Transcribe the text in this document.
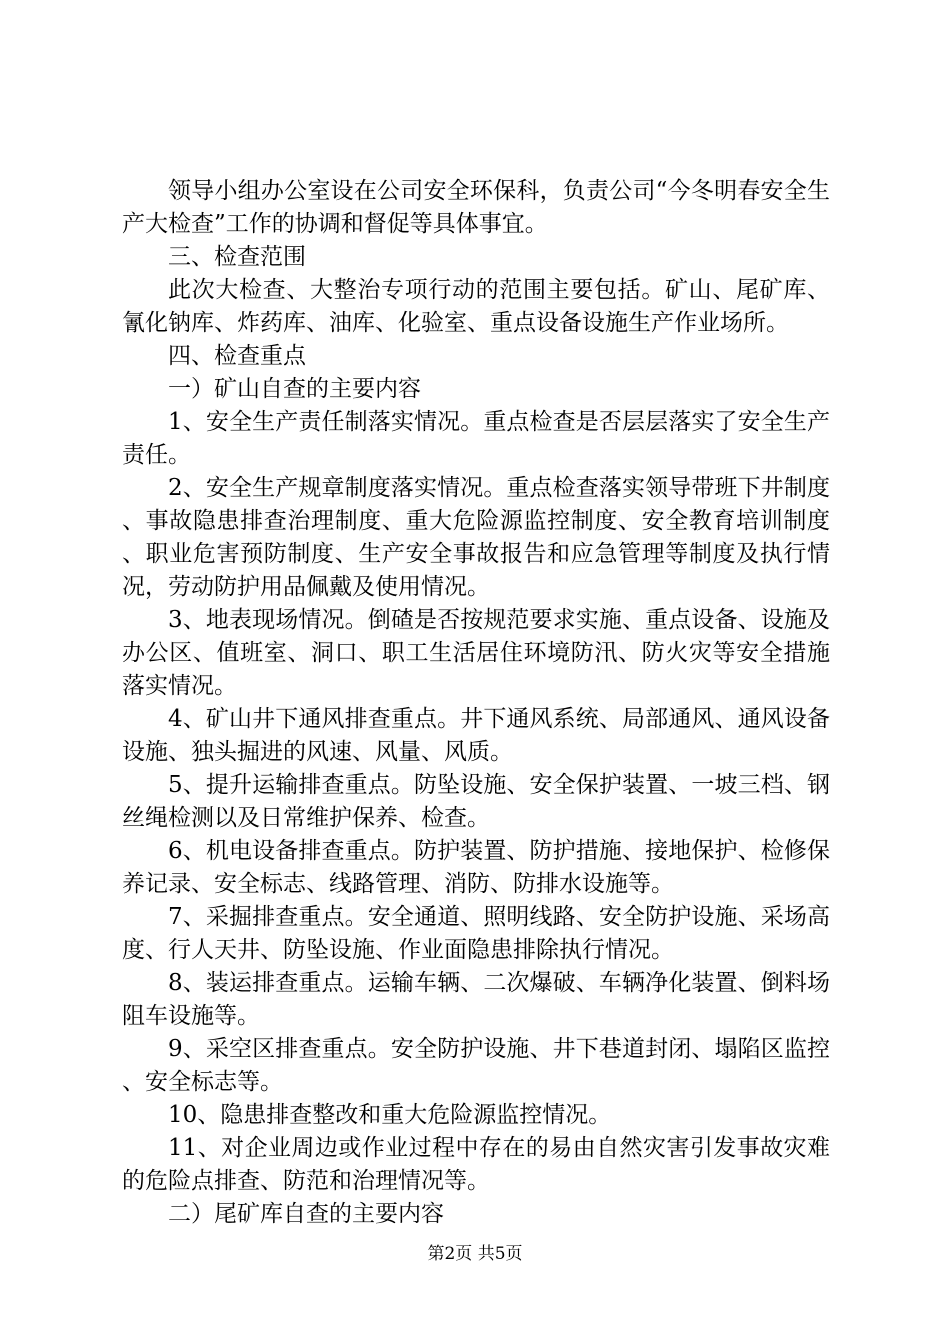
领导小组办公室设在公司安全环保科，负责公司“今冬明春安全生产大检查”工作的协调和督促等具体事宜。

三、检查范围

此次大检查、大整治专项行动的范围主要包括。矿山、尾矿库、氰化钠库、炸药库、油库、化验室、重点设备设施生产作业场所。

四、检查重点

一）矿山自查的主要内容

1、安全生产责任制落实情况。重点检查是否层层落实了安全生产责任。

2、安全生产规章制度落实情况。重点检查落实领导带班下井制度、事故隐患排查治理制度、重大危险源监控制度、安全教育培训制度、职业危害预防制度、生产安全事故报告和应急管理等制度及执行情况，劳动防护用品佩戴及使用情况。

3、地表现场情况。倒碴是否按规范要求实施、重点设备、设施及办公区、值班室、洞口、职工生活居住环境防汛、防火灾等安全措施落实情况。

4、矿山井下通风排查重点。井下通风系统、局部通风、通风设备设施、独头掘进的风速、风量、风质。

5、提升运输排查重点。防坠设施、安全保护装置、一坡三档、钢丝绳检测以及日常维护保养、检查。

6、机电设备排查重点。防护装置、防护措施、接地保护、检修保养记录、安全标志、线路管理、消防、防排水设施等。

7、采掘排查重点。安全通道、照明线路、安全防护设施、采场高度、行人天井、防坠设施、作业面隐患排除执行情况。

8、装运排查重点。运输车辆、二次爆破、车辆净化装置、倒料场阻车设施等。

9、采空区排查重点。安全防护设施、井下巷道封闭、塌陷区监控、安全标志等。

10、隐患排查整改和重大危险源监控情况。

11、对企业周边或作业过程中存在的易由自然灾害引发事故灾难的危险点排查、防范和治理情况等。

二）尾矿库自查的主要内容

第2页 共5页
